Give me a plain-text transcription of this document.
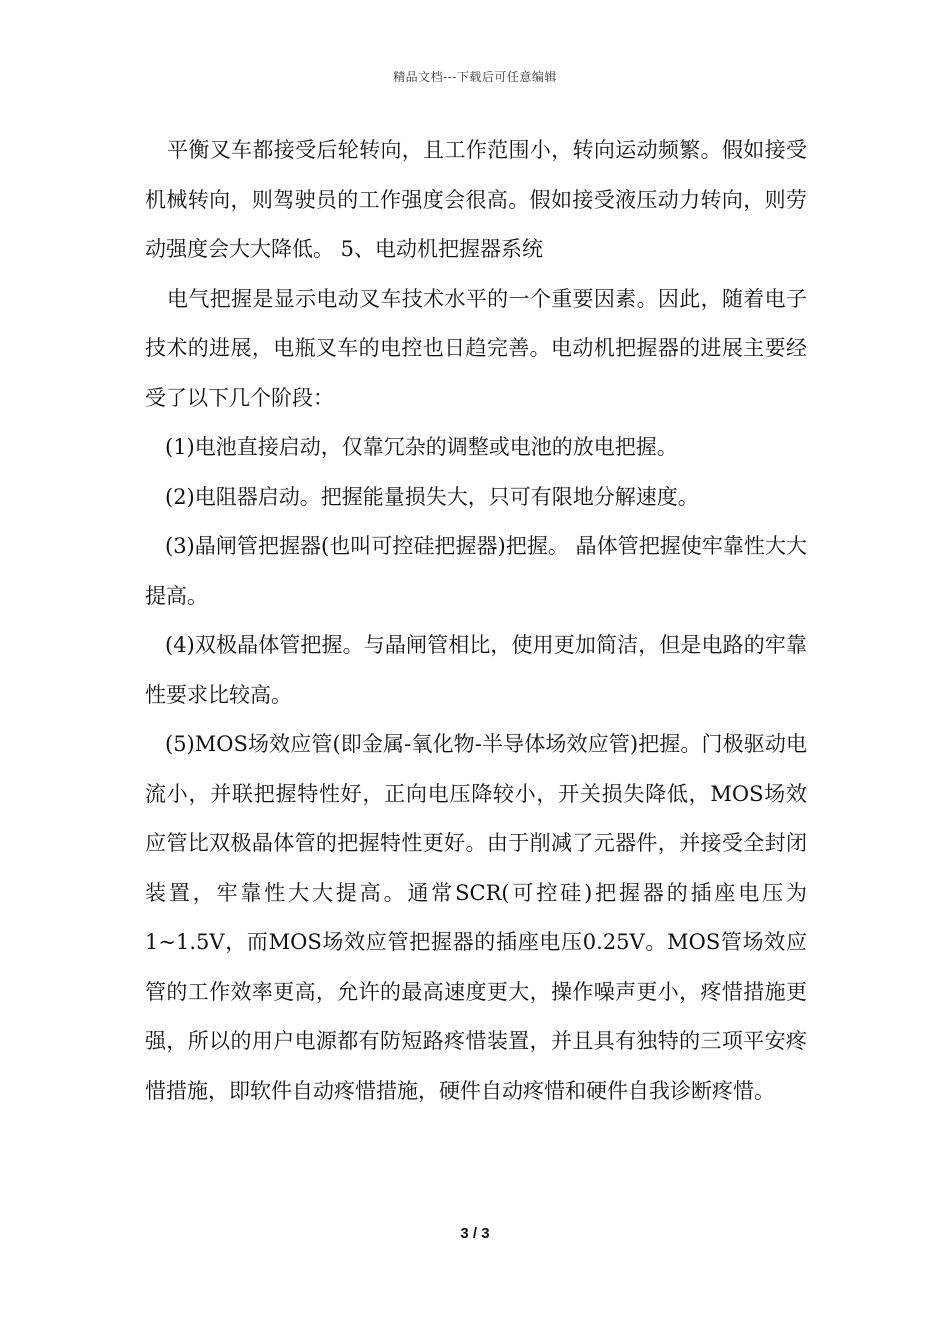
精品文档---下载后可任意编辑

平衡叉车都接受后轮转向，且工作范围小，转向运动频繁。假如接受机械转向，则驾驶员的工作强度会很高。假如接受液压动力转向，则劳动强度会大大降低。 5、电动机把握器系统

电气把握是显示电动叉车技术水平的一个重要因素。因此，随着电子技术的进展，电瓶叉车的电控也日趋完善。电动机把握器的进展主要经受了以下几个阶段：

(1)电池直接启动，仅靠冗杂的调整或电池的放电把握。

(2)电阻器启动。把握能量损失大，只可有限地分解速度。

(3)晶闸管把握器(也叫可控硅把握器)把握。 晶体管把握使牢靠性大大提高。

(4)双极晶体管把握。与晶闸管相比，使用更加简洁，但是电路的牢靠性要求比较高。

(5)MOS场效应管(即金属-氧化物-半导体场效应管)把握。门极驱动电流小，并联把握特性好，正向电压降较小，开关损失降低，MOS场效应管比双极晶体管的把握特性更好。由于削减了元器件，并接受全封闭装置，牢靠性大大提高。通常SCR(可控硅)把握器的插座电压为1~1.5V，而MOS场效应管把握器的插座电压0.25V。MOS管场效应管的工作效率更高，允许的最高速度更大，操作噪声更小，疼惜措施更强，所以的用户电源都有防短路疼惜装置，并且具有独特的三项平安疼惜措施，即软件自动疼惜措施，硬件自动疼惜和硬件自我诊断疼惜。

3 / 3
